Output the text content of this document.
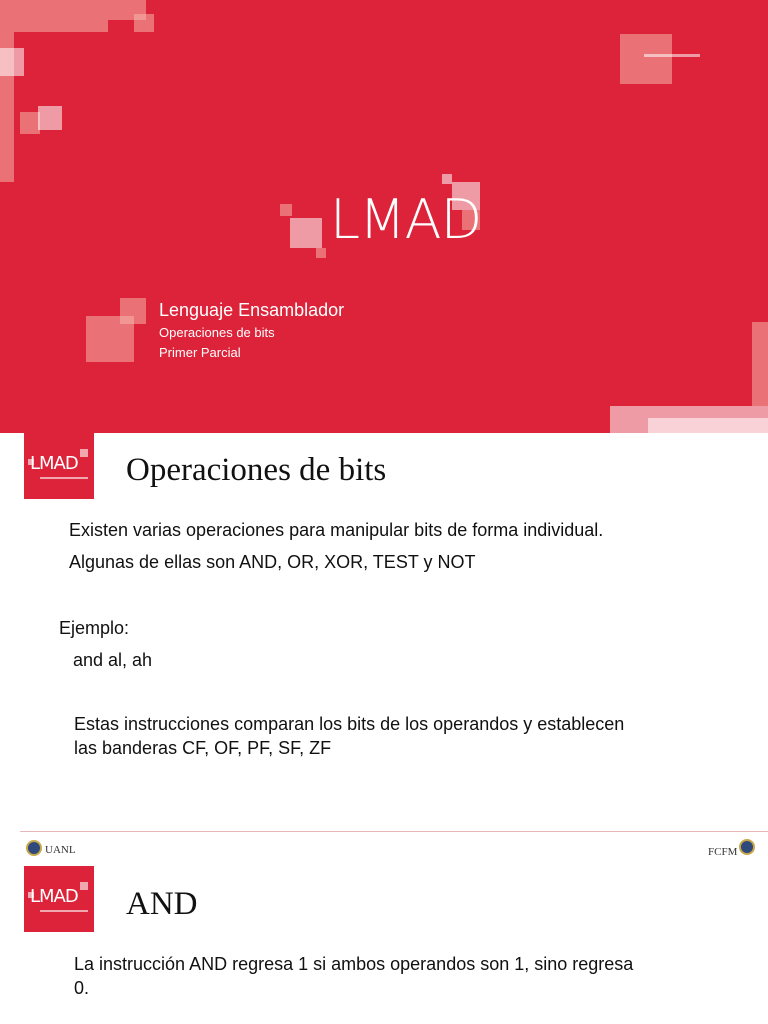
LMAD
Lenguaje Ensamblador
Operaciones de bits
Primer Parcial
LMAD Operaciones de bits
Existen varias operaciones para manipular bits de forma individual.
Algunas de ellas son AND, OR, XOR, TEST y NOT
Ejemplo:
and al, ah
Estas instrucciones comparan los bits de los operandos y establecen
las banderas CF, OF, PF, SF, ZF
UANL	FCFM
LMAD AND
La instrucción AND regresa 1 si ambos operandos son 1, sino regresa
0.
